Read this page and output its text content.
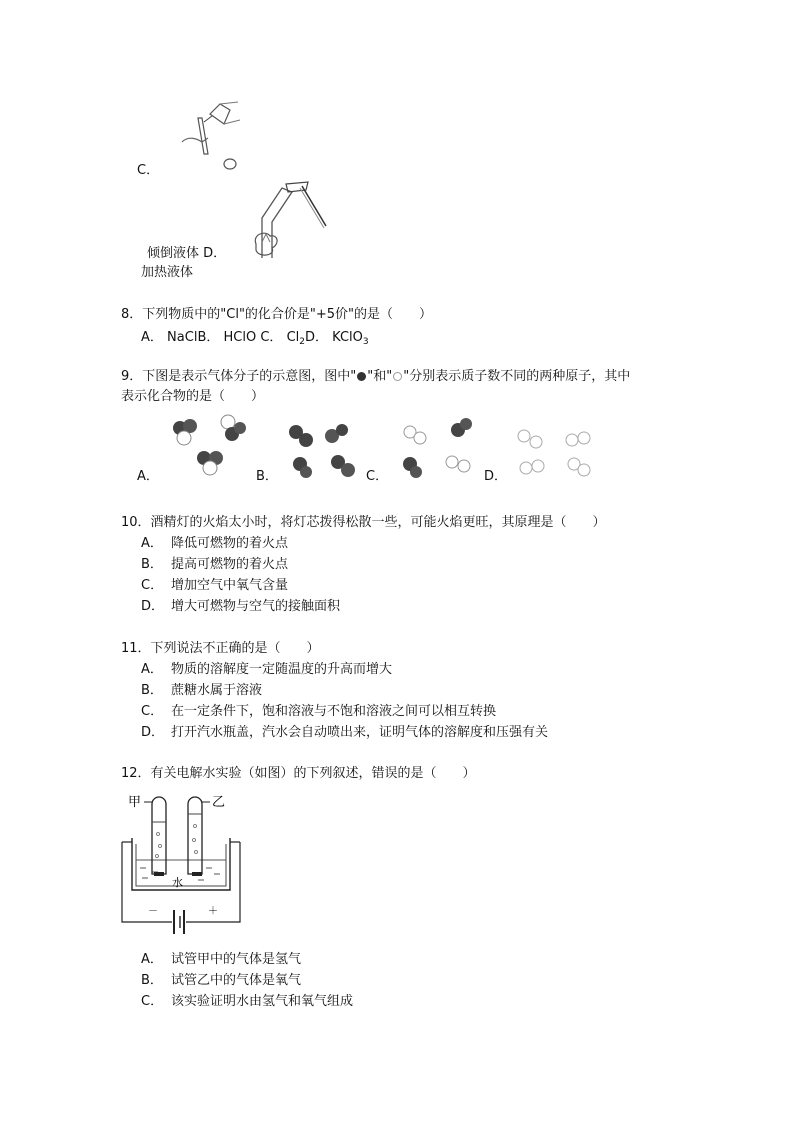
C．
倾倒液体 D．
加热液体
8．下列物质中的"Cl"的化合价是"+5价"的是（　　）
A． NaClB． HClO C． $Cl_2D$． KClO$_3$
9．下图是表示气体分子的示意图，图中" "和" "分别表示质子数不同的两种原子，其中
表示化合物的是（　　）
A．	B．	C．	D．
10．酒精灯的火焰太小时，将灯芯拨得松散一些，可能火焰更旺，其原理是（　　）
A． 降低可燃物的着火点
B． 提高可燃物的着火点
C． 增加空气中氧气含量
D． 增大可燃物与空气的接触面积
11．下列说法不正确的是（　　）
A． 物质的溶解度一定随温度的升高而增大
B． 蔗糖水属于溶液
C． 在一定条件下，饱和溶液与不饱和溶液之间可以相互转换
D． 打开汽水瓶盖，汽水会自动喷出来，证明气体的溶解度和压强有关
12．有关电解水实验（如图）的下列叙述，错误的是（　　）
甲	乙
水
－	＋
A． 试管甲中的气体是氢气
B． 试管乙中的气体是氧气
C． 该实验证明水由氢气和氧气组成
